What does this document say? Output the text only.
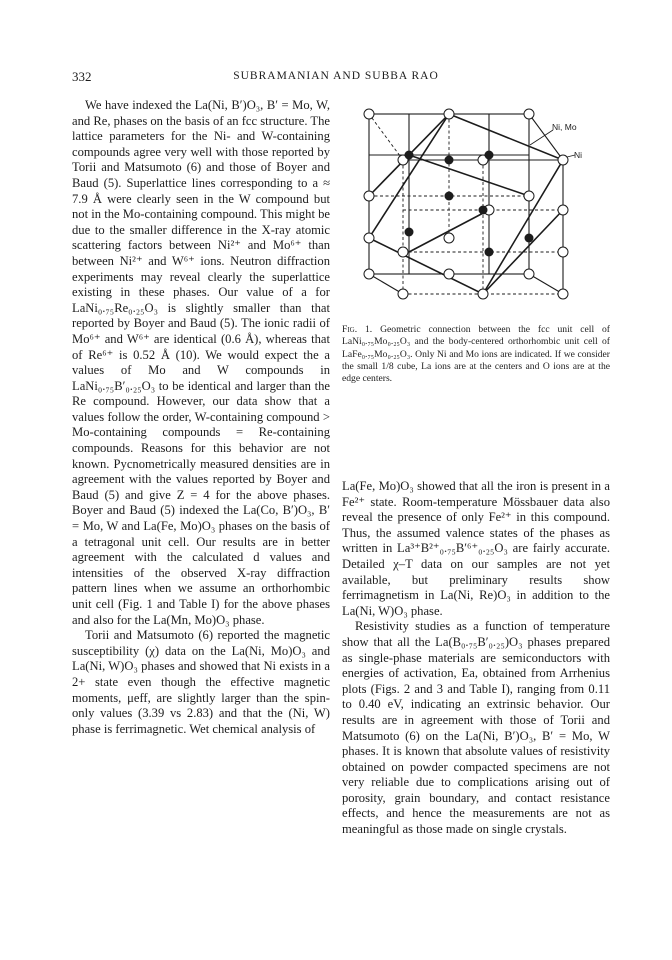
332	SUBRAMANIAN AND SUBBA RAO

We have indexed the La(Ni, B′)O₃, B′ = Mo, W, and Re, phases on the basis of an fcc structure. The lattice parameters for the Ni- and W-containing compounds agree very well with those reported by Torii and Matsumoto (6) and those of Boyer and Baud (5). Superlattice lines corresponding to a ≈ 7.9 Å were clearly seen in the W compound but not in the Mo-containing compound. This might be due to the smaller difference in the X-ray atomic scattering factors between Ni²⁺ and Mo⁶⁺ than between Ni²⁺ and W⁶⁺ ions. Neutron diffraction experiments may reveal clearly the superlattice existing in these phases. Our value of a for LaNi₀.₇₅Re₀.₂₅O₃ is slightly smaller than that reported by Boyer and Baud (5). The ionic radii of Mo⁶⁺ and W⁶⁺ are identical (0.6 Å), whereas that of Re⁶⁺ is 0.52 Å (10). We would expect the a values of Mo and W compounds in LaNi₀.₇₅B′₀.₂₅O₃ to be identical and larger than the Re compound. However, our data show that a values follow the order, W-containing compound > Mo-containing compounds = Re-containing compounds. Reasons for this behavior are not known. Pycnometrically measured densities are in agreement with the values reported by Boyer and Baud (5) and give Z = 4 for the above phases. Boyer and Baud (5) indexed the La(Co, B′)O₃, B′ = Mo, W and La(Fe, Mo)O₃ phases on the basis of a tetragonal unit cell. Our results are in better agreement with the calculated d values and intensities of the observed X-ray diffraction pattern lines when we assume an orthorhombic unit cell (Fig. 1 and Table I) for the above phases and also for the La(Mn, Mo)O₃ phase.

Torii and Matsumoto (6) reported the magnetic susceptibility (χ) data on the La(Ni, Mo)O₃ and La(Ni, W)O₃ phases and showed that Ni exists in a 2+ state even though the effective magnetic moments, μeff, are slightly larger than the spin-only values (3.39 vs 2.83) and that the (Ni, W) phase is ferrimagnetic. Wet chemical analysis of

Ni, Mo
Ni
Fig. 1. Geometric connection between the fcc unit cell of LaNi₀.₇₅Mo₀.₂₅O₃ and the body-centered orthorhombic unit cell of LaFe₀.₇₅Mo₀.₂₅O₃. Only Ni and Mo ions are indicated. If we consider the small 1/8 cube, La ions are at the centers and O ions are at the edge centers.

La(Fe, Mo)O₃ showed that all the iron is present in a Fe²⁺ state. Room-temperature Mössbauer data also reveal the presence of only Fe²⁺ in this compound. Thus, the assumed valence states of the phases as written in La³⁺B²⁺₀.₇₅B′⁶⁺₀.₂₅O₃ are fairly accurate. Detailed χ–T data on our samples are not yet available, but preliminary results show ferrimagnetism in La(Ni, Re)O₃ in addition to the La(Ni, W)O₃ phase.

Resistivity studies as a function of temperature show that all the La(B₀.₇₅B′₀.₂₅)O₃ phases prepared as single-phase materials are semiconductors with energies of activation, Ea, obtained from Arrhenius plots (Figs. 2 and 3 and Table I), ranging from 0.11 to 0.40 eV, indicating an extrinsic behavior. Our results are in agreement with those of Torii and Matsumoto (6) on the La(Ni, B′)O₃, B′ = Mo, W phases. It is known that absolute values of resistivity obtained on powder compacted specimens are not very reliable due to complications arising out of porosity, grain boundary, and contact resistance effects, and hence the measurements are not as meaningful as those made on single crystals.
